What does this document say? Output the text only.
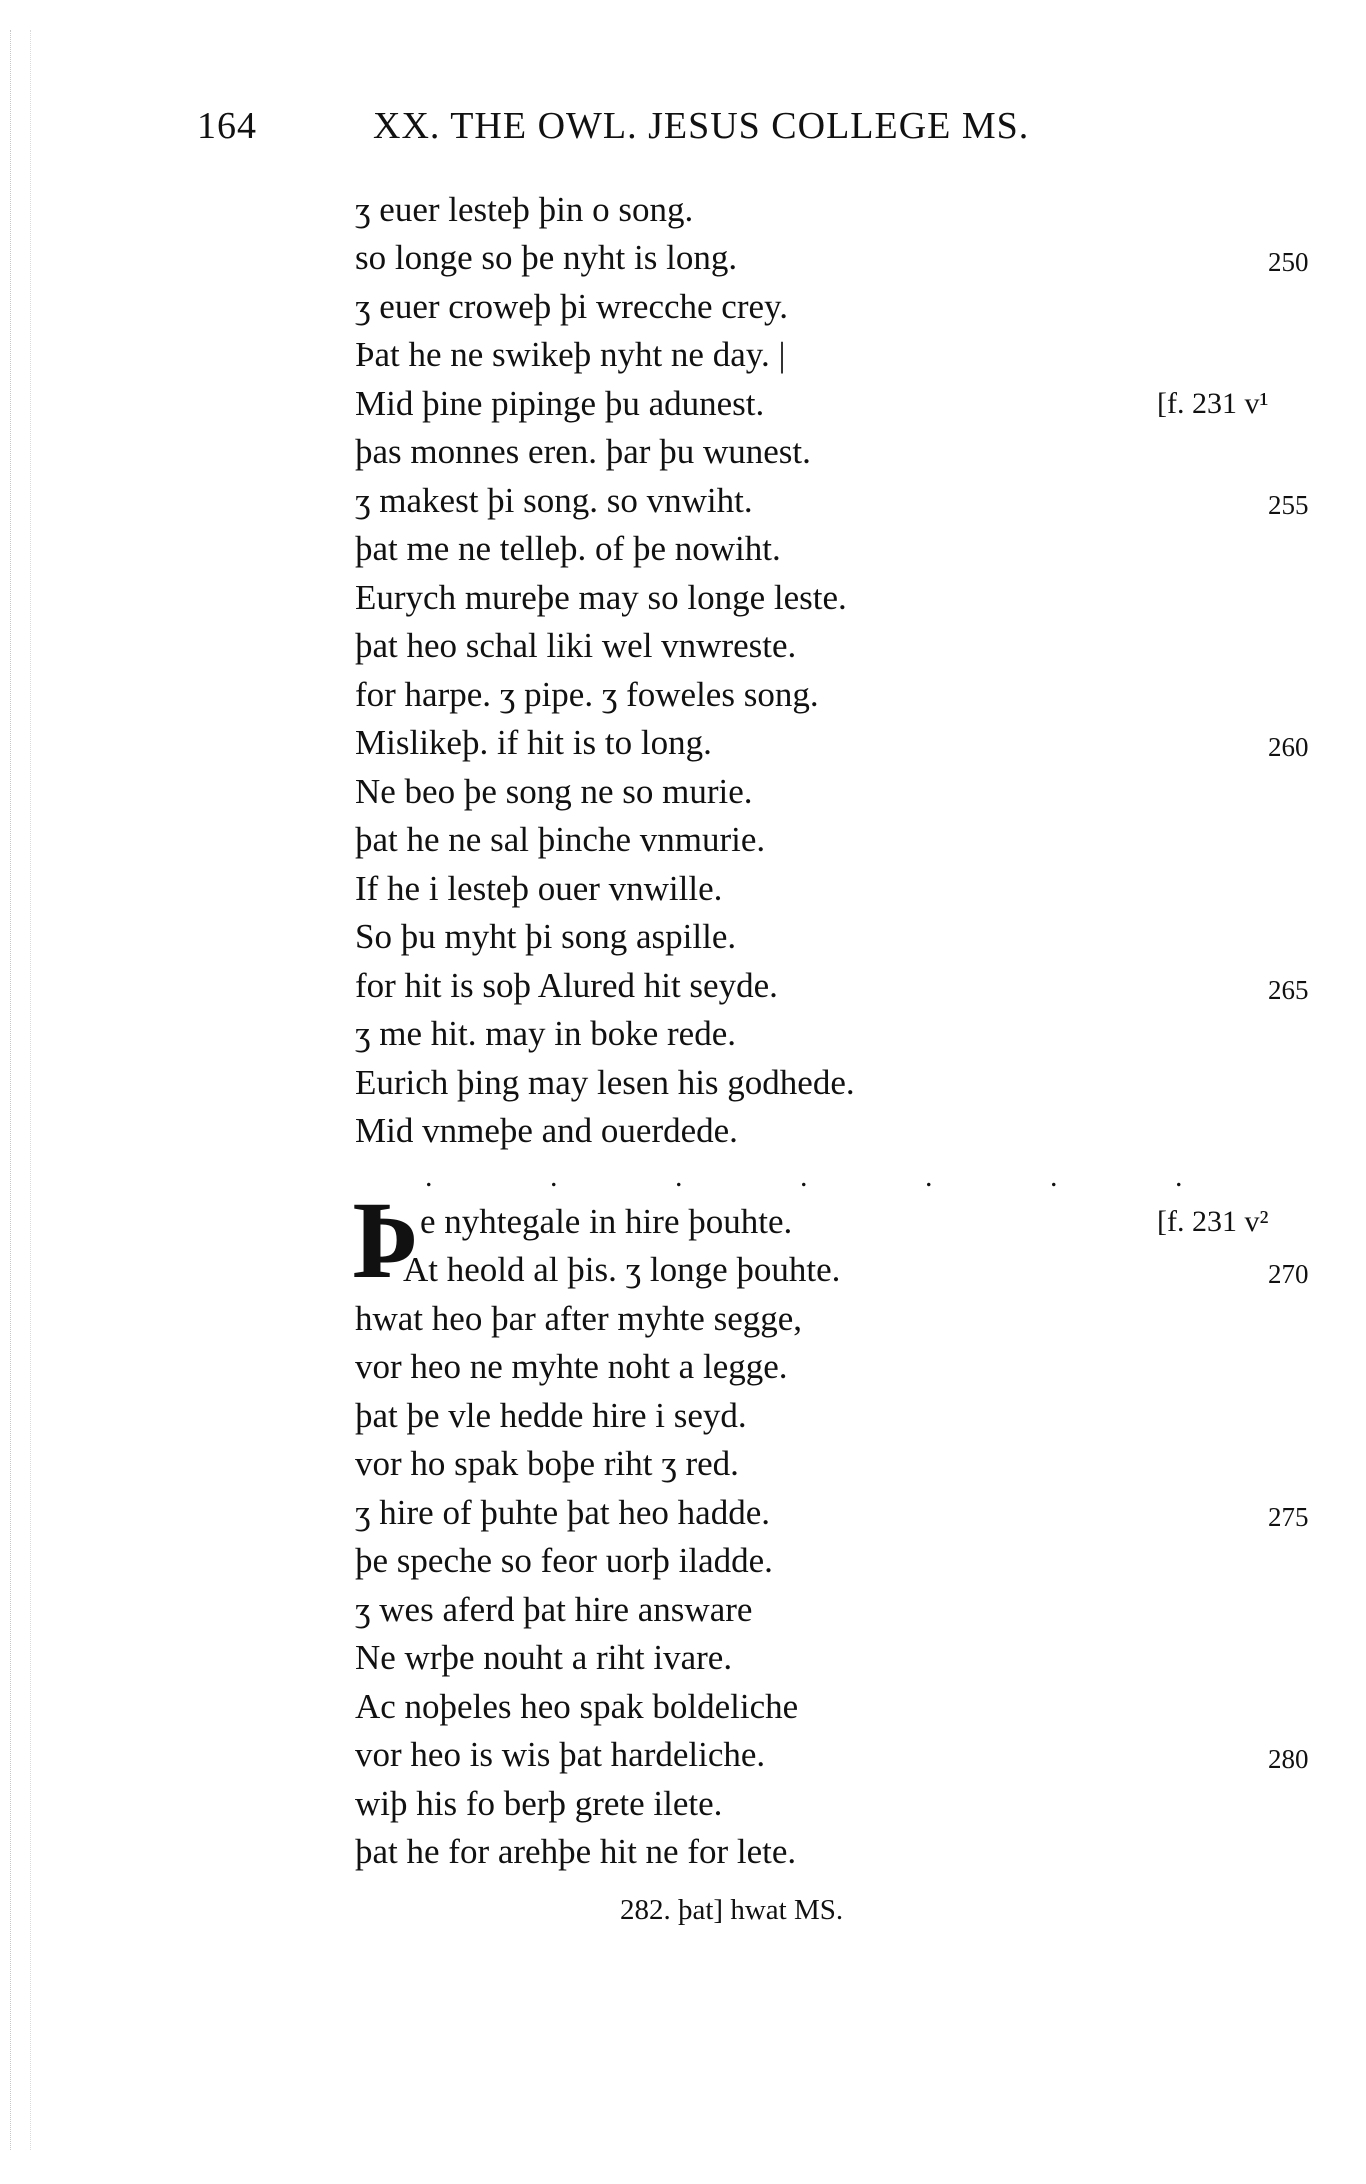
164	XX. THE OWL. JESUS COLLEGE MS.
ʒ euer lesteþ þin o song.
so longe so þe nyht is long.
ʒ euer croweþ þi wrecche crey.
Þat he ne swikeþ nyht ne day. |
Mid þine pipinge þu adunest.
þas monnes eren. þar þu wunest.
ʒ makest þi song. so vnwiht.
þat me ne telleþ. of þe nowiht.
Eurych mureþe may so longe leste.
þat heo schal liki wel vnwreste.
for harpe. ʒ pipe. ʒ foweles song.
Mislikeþ. if hit is to long.
Ne beo þe song ne so murie.
þat he ne sal þinche vnmurie.
If he i lesteþ ouer vnwille.
So þu myht þi song aspille.
for hit is soþ Alured hit seyde.
ʒ me hit. may in boke rede.
Eurich þing may lesen his godhede.
Mid vnmeþe and ouerdede.
. . . . . . .
Þ e nyhtegale in hire þouhte.
At heold al þis. ʒ longe þouhte.
hwat heo þar after myhte segge,
vor heo ne myhte noht a legge.
þat þe vle hedde hire i seyd.
vor ho spak boþe riht ʒ red.
ʒ hire of þuhte þat heo hadde.
þe speche so feor uorþ iladde.
ʒ wes aferd þat hire answare
Ne wrþe nouht a riht ivare.
Ac noþeles heo spak boldeliche
vor heo is wis þat hardeliche.
wiþ his fo berþ grete ilete.
þat he for arehþe hit ne for lete.
250
255
260
265
270
275
280
[f. 231 v¹
[f. 231 v²
282. þat] hwat MS.
